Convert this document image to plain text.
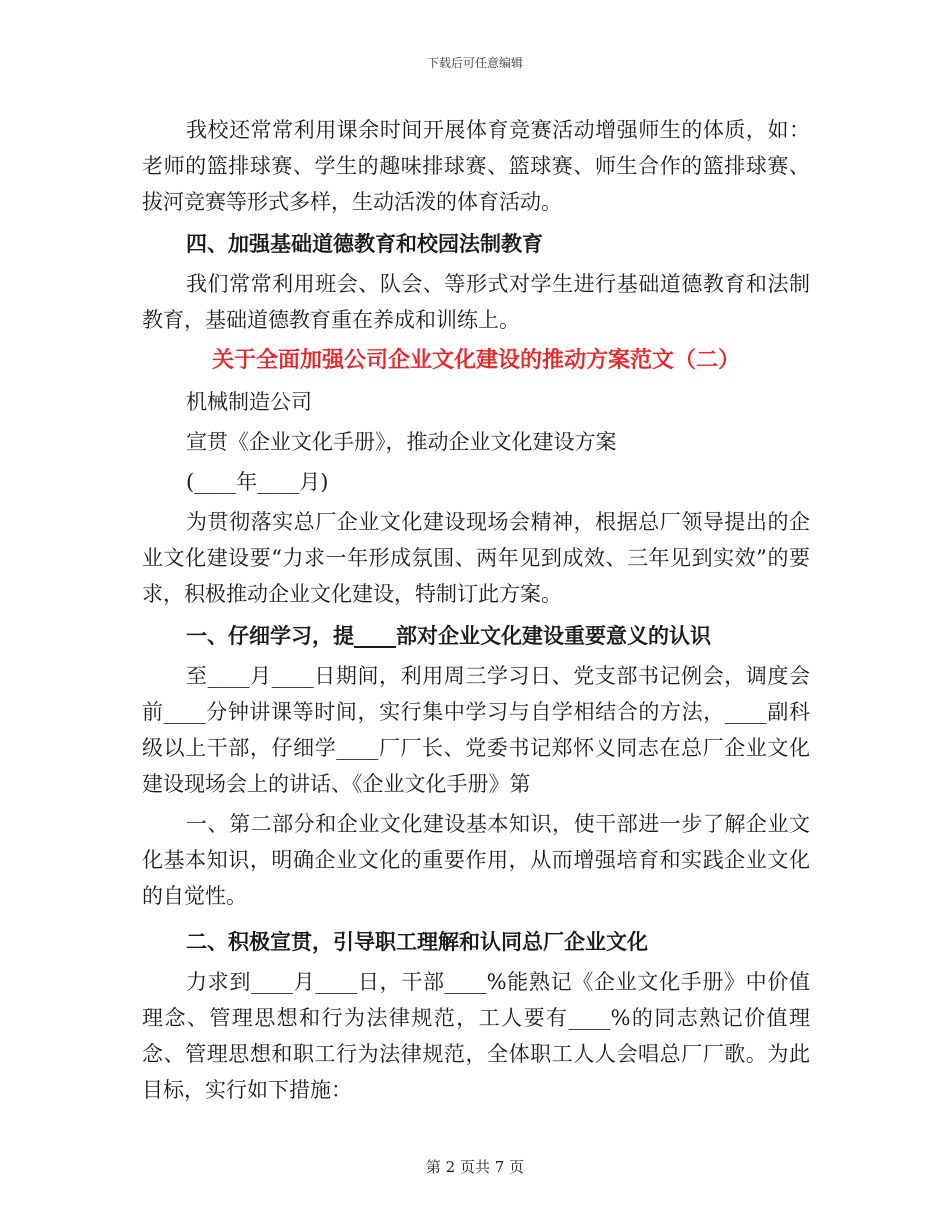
下载后可任意编辑

我校还常常利用课余时间开展体育竞赛活动增强师生的体质，如：老师的篮排球赛、学生的趣味排球赛、篮球赛、师生合作的篮排球赛、拔河竞赛等形式多样，生动活泼的体育活动。

四、加强基础道德教育和校园法制教育

我们常常利用班会、队会、等形式对学生进行基础道德教育和法制教育，基础道德教育重在养成和训练上。

关于全面加强公司企业文化建设的推动方案范文（二）

机械制造公司

宣贯《企业文化手册》，推动企业文化建设方案

(____年____月)

为贯彻落实总厂企业文化建设现场会精神，根据总厂领导提出的企业文化建设要“力求一年形成氛围、两年见到成效、三年见到实效”的要求，积极推动企业文化建设，特制订此方案。

一、仔细学习，提____部对企业文化建设重要意义的认识

至____月____日期间，利用周三学习日、党支部书记例会，调度会前____分钟讲课等时间，实行集中学习与自学相结合的方法，____副科级以上干部，仔细学____厂厂长、党委书记郑怀义同志在总厂企业文化建设现场会上的讲话、《企业文化手册》第

一、第二部分和企业文化建设基本知识，使干部进一步了解企业文化基本知识，明确企业文化的重要作用，从而增强培育和实践企业文化的自觉性。

二、积极宣贯，引导职工理解和认同总厂企业文化

力求到____月____日，干部____%能熟记《企业文化手册》中价值理念、管理思想和行为法律规范，工人要有____%的同志熟记价值理念、管理思想和职工行为法律规范，全体职工人人会唱总厂厂歌。为此目标，实行如下措施：

第 2 页共 7 页
